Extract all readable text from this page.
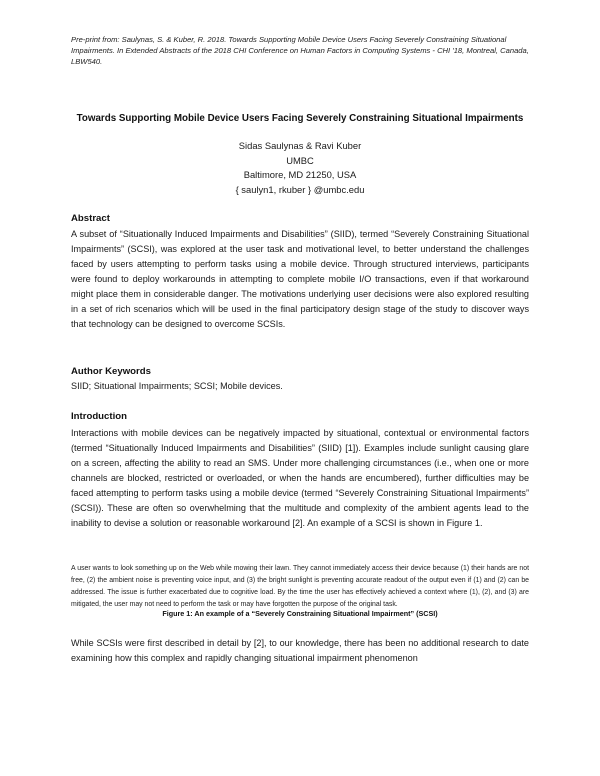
Pre-print from: Saulynas, S. & Kuber, R. 2018. Towards Supporting Mobile Device Users Facing Severely Constraining Situational Impairments. In Extended Abstracts of the 2018 CHI Conference on Human Factors in Computing Systems - CHI '18, Montreal, Canada, LBW540.
Towards Supporting Mobile Device Users Facing Severely Constraining Situational Impairments
Sidas Saulynas & Ravi Kuber
UMBC
Baltimore, MD 21250, USA
{ saulyn1, rkuber } @umbc.edu
Abstract
A subset of “Situationally Induced Impairments and Disabilities” (SIID), termed “Severely Constraining Situational Impairments” (SCSI), was explored at the user task and motivational level, to better understand the challenges faced by users attempting to perform tasks using a mobile device. Through structured interviews, participants were found to deploy workarounds in attempting to complete mobile I/O transactions, even if that workaround might place them in considerable danger. The motivations underlying user decisions were also explored resulting in a set of rich scenarios which will be used in the final participatory design stage of the study to discover ways that technology can be designed to overcome SCSIs.
Author Keywords
SIID; Situational Impairments; SCSI; Mobile devices.
Introduction
Interactions with mobile devices can be negatively impacted by situational, contextual or environmental factors (termed “Situationally Induced Impairments and Disabilities” (SIID) [1]). Examples include sunlight causing glare on a screen, affecting the ability to read an SMS. Under more challenging circumstances (i.e., when one or more channels are blocked, restricted or overloaded, or when the hands are encumbered), further difficulties may be faced attempting to perform tasks using a mobile device (termed “Severely Constraining Situational Impairments” (SCSI)). These are often so overwhelming that the multitude and complexity of the ambient agents lead to the inability to devise a solution or reasonable workaround [2]. An example of a SCSI is shown in Figure 1.
A user wants to look something up on the Web while mowing their lawn. They cannot immediately access their device because (1) their hands are not free, (2) the ambient noise is preventing voice input, and (3) the bright sunlight is preventing accurate readout of the output even if (1) and (2) can be addressed. The issue is further exacerbated due to cognitive load. By the time the user has effectively achieved a context where (1), (2), and (3) are mitigated, the user may not need to perform the task or may have forgotten the purpose of the original task.
Figure 1: An example of a “Severely Constraining Situational Impairment” (SCSI)
While SCSIs were first described in detail by [2], to our knowledge, there has been no additional research to date examining how this complex and rapidly changing situational impairment phenomenon
